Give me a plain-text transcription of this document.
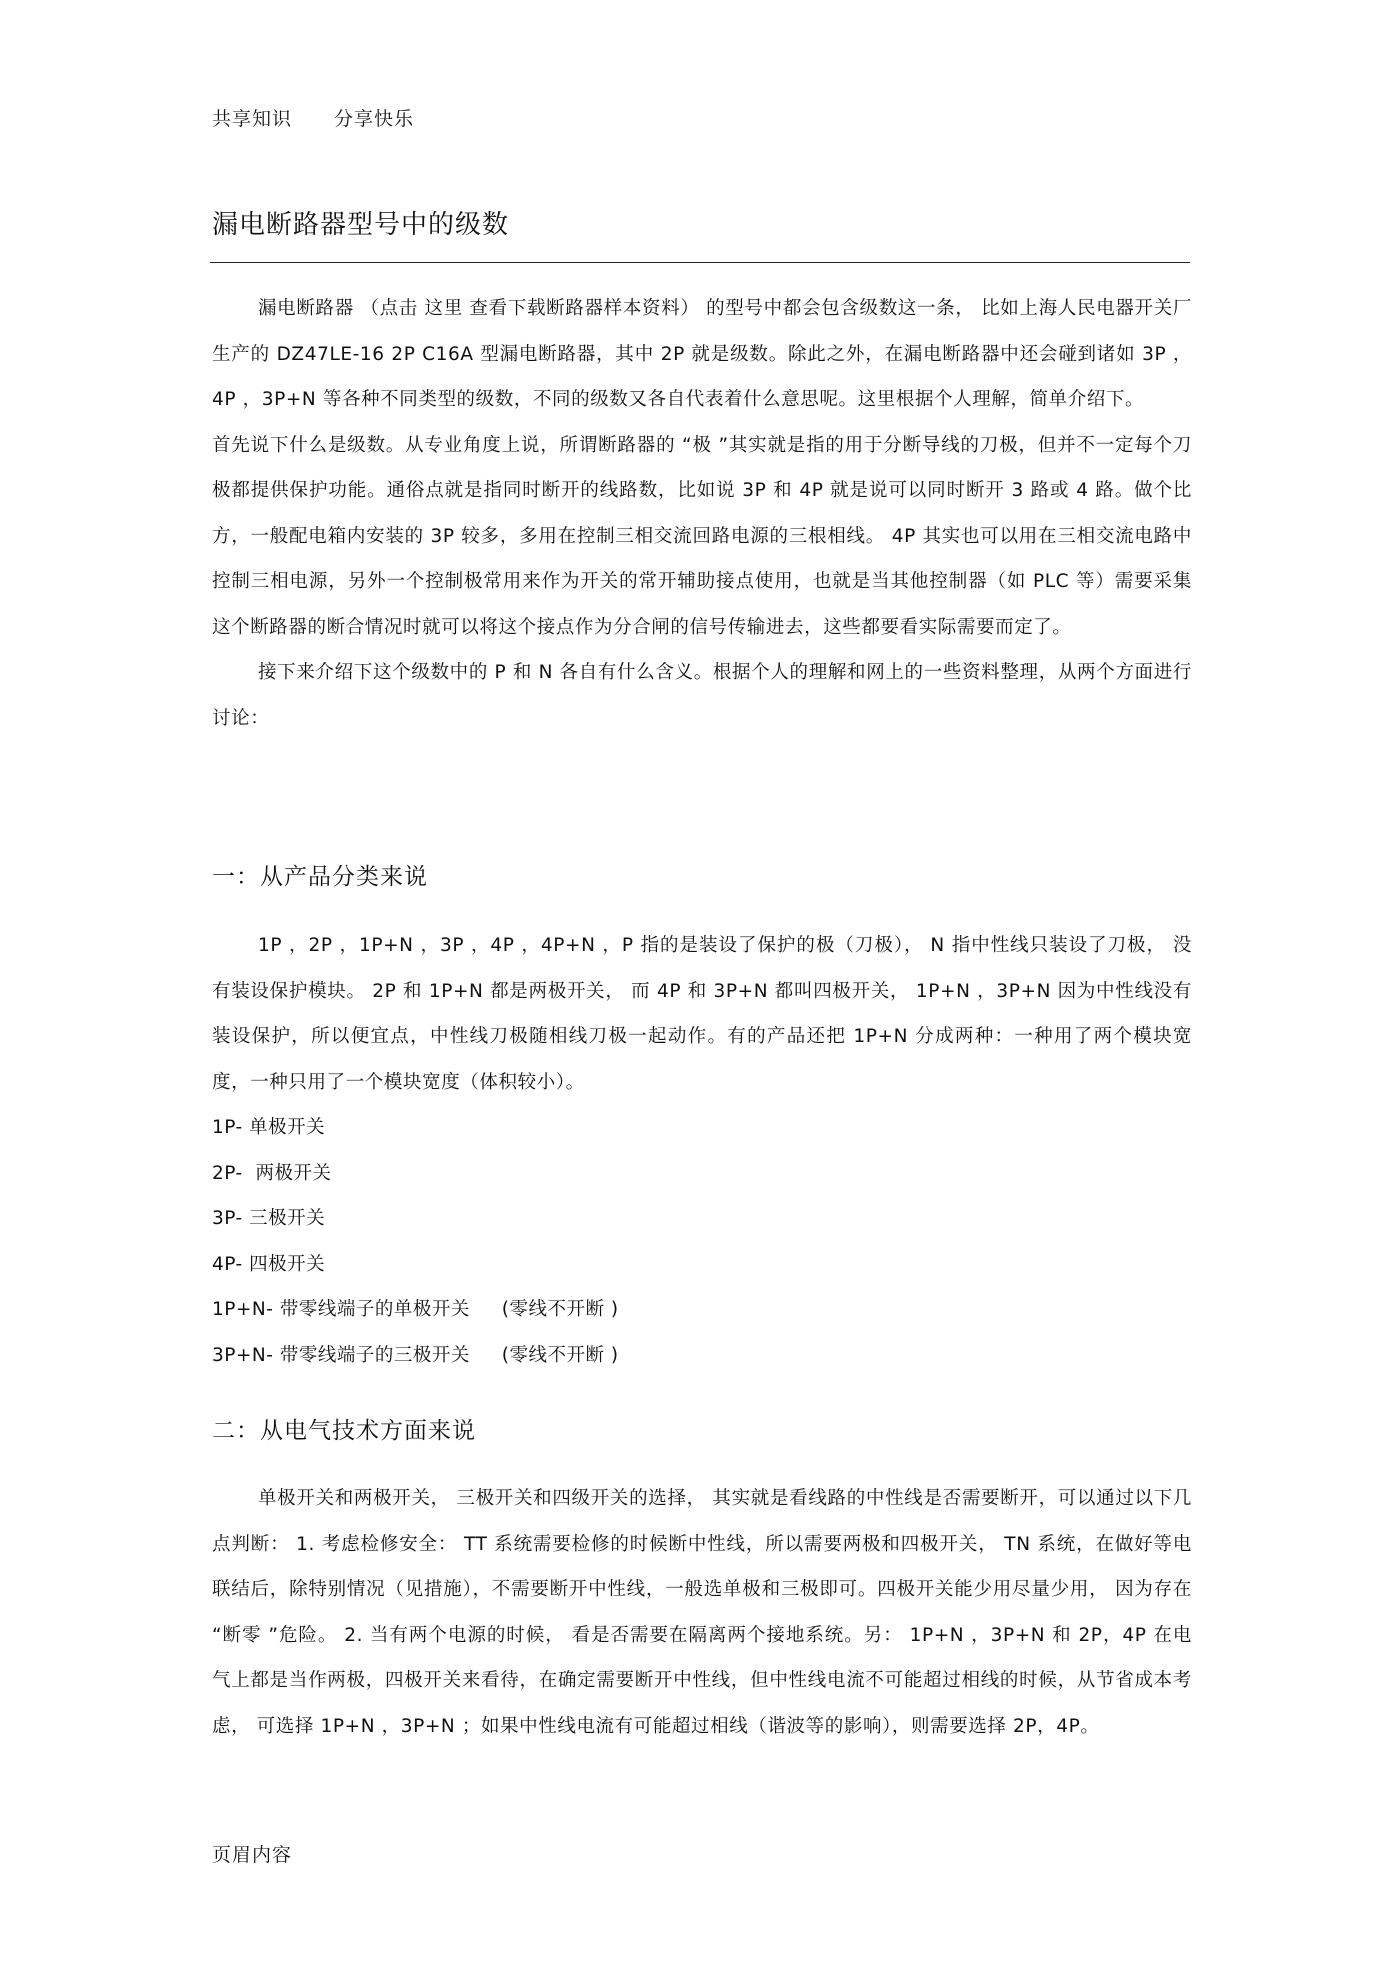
共享知识 分享快乐
漏电断路器型号中的级数

漏电断路器 （点击 这里 查看下载断路器样本资料） 的型号中都会包含级数这一条， 比如上海人民电器开关厂生产的 DZ47LE-16 2P C16A 型漏电断路器，其中 2P 就是级数。除此之外，在漏电断路器中还会碰到诸如 3P ，4P ，3P+N 等各种不同类型的级数，不同的级数又各自代表着什么意思呢。这里根据个人理解，简单介绍下。

首先说下什么是级数。从专业角度上说，所谓断路器的 “极 ”其实就是指的用于分断导线的刀极，但并不一定每个刀极都提供保护功能。通俗点就是指同时断开的线路数，比如说 3P 和 4P 就是说可以同时断开 3 路或 4 路。做个比方，一般配电箱内安装的 3P 较多，多用在控制三相交流回路电源的三根相线。 4P 其实也可以用在三相交流电路中控制三相电源，另外一个控制极常用来作为开关的常开辅助接点使用，也就是当其他控制器（如 PLC 等）需要采集这个断路器的断合情况时就可以将这个接点作为分合闸的信号传输进去，这些都要看实际需要而定了。

接下来介绍下这个级数中的 P 和 N 各自有什么含义。根据个人的理解和网上的一些资料整理，从两个方面进行讨论：

一：从产品分类来说

1P ，2P ，1P+N ，3P ，4P ，4P+N ，P 指的是装设了保护的极（刀极）， N 指中性线只装设了刀极， 没有装设保护模块。 2P 和 1P+N 都是两极开关， 而 4P 和 3P+N 都叫四极开关， 1P+N ，3P+N 因为中性线没有装设保护，所以便宜点，中性线刀极随相线刀极一起动作。有的产品还把 1P+N 分成两种：一种用了两个模块宽度，一种只用了一个模块宽度（体积较小）。

1P- 单极开关
2P-  两极开关
3P- 三极开关
4P- 四极开关
1P+N- 带零线端子的单极开关     (零线不开断 )
3P+N- 带零线端子的三极开关     (零线不开断 )
二：从电气技术方面来说

单极开关和两极开关， 三极开关和四级开关的选择， 其实就是看线路的中性线是否需要断开，可以通过以下几点判断： 1. 考虑检修安全： TT 系统需要检修的时候断中性线，所以需要两极和四极开关， TN 系统，在做好等电联结后，除特别情况（见措施），不需要断开中性线，一般选单极和三极即可。四极开关能少用尽量少用， 因为存在 “断零 ”危险。 2. 当有两个电源的时候， 看是否需要在隔离两个接地系统。另： 1P+N ，3P+N 和 2P，4P 在电气上都是当作两极，四极开关来看待，在确定需要断开中性线，但中性线电流不可能超过相线的时候，从节省成本考虑， 可选择 1P+N ，3P+N ；如果中性线电流有可能超过相线（谐波等的影响），则需要选择 2P，4P。

页眉内容
